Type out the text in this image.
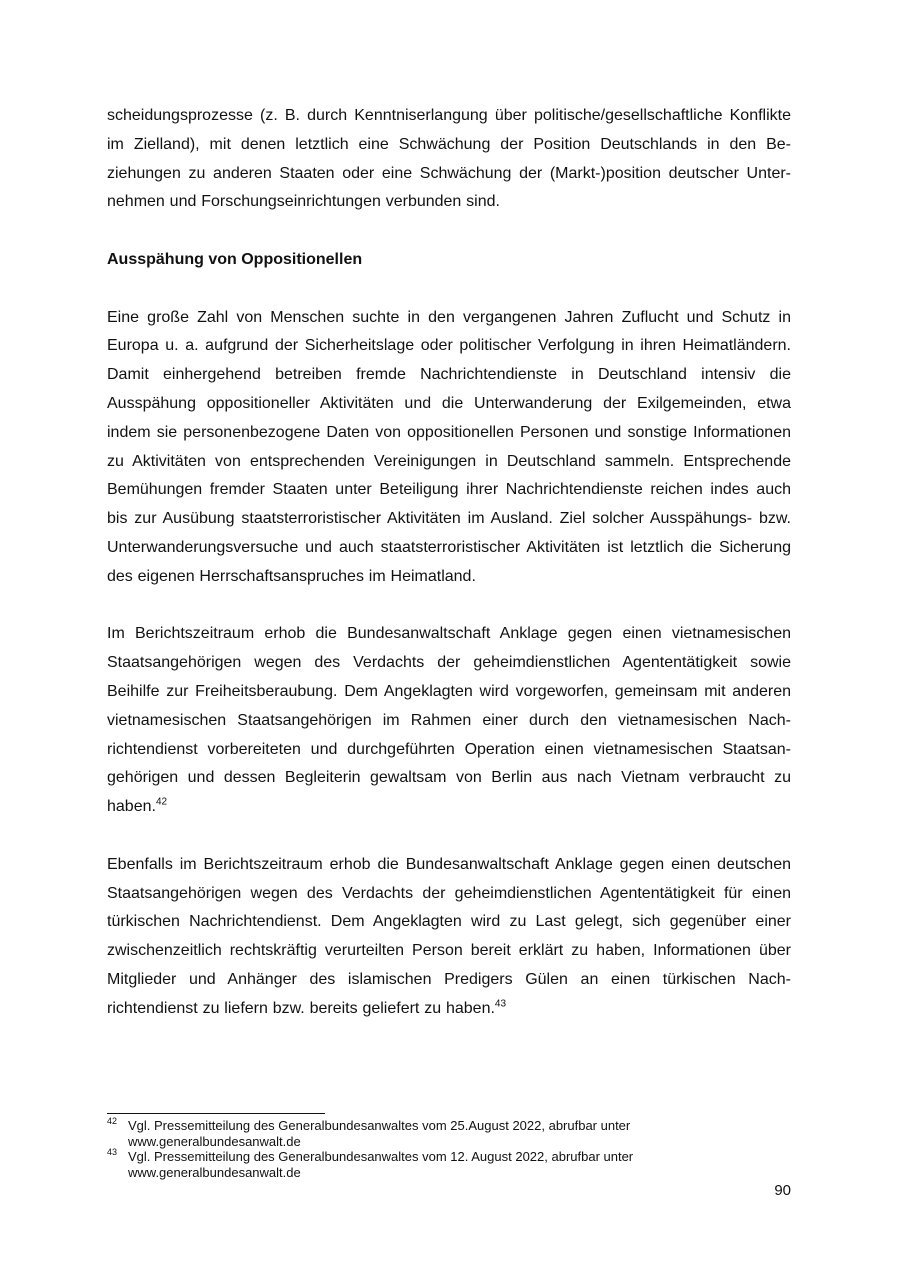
scheidungsprozesse (z. B. durch Kenntniserlangung über politische/gesellschaftliche Konflikte im Zielland), mit denen letztlich eine Schwächung der Position Deutschlands in den Beziehungen zu anderen Staaten oder eine Schwächung der (Markt-)position deutscher Unternehmen und Forschungseinrichtungen verbunden sind.

Ausspähung von Oppositionellen

Eine große Zahl von Menschen suchte in den vergangenen Jahren Zuflucht und Schutz in Europa u. a. aufgrund der Sicherheitslage oder politischer Verfolgung in ihren Heimatländern. Damit einhergehend betreiben fremde Nachrichtendienste in Deutschland intensiv die Ausspähung oppositioneller Aktivitäten und die Unterwanderung der Exilgemeinden, etwa indem sie personenbezogene Daten von oppositionellen Personen und sonstige Informationen zu Aktivitäten von entsprechenden Vereinigungen in Deutschland sammeln. Entsprechende Bemühungen fremder Staaten unter Beteiligung ihrer Nachrichtendienste reichen indes auch bis zur Ausübung staatsterroristischer Aktivitäten im Ausland. Ziel solcher Ausspähungs- bzw. Unterwanderungsversuche und auch staatsterroristischer Aktivitäten ist letztlich die Sicherung des eigenen Herrschaftsanspruches im Heimatland.

Im Berichtszeitraum erhob die Bundesanwaltschaft Anklage gegen einen vietnamesischen Staatsangehörigen wegen des Verdachts der geheimdienstlichen Agententätigkeit sowie Beihilfe zur Freiheitsberaubung. Dem Angeklagten wird vorgeworfen, gemeinsam mit anderen vietnamesischen Staatsangehörigen im Rahmen einer durch den vietnamesischen Nachrichtendienst vorbereiteten und durchgeführten Operation einen vietnamesischen Staatsangehörigen und dessen Begleiterin gewaltsam von Berlin aus nach Vietnam verbraucht zu haben.$^{42}$

Ebenfalls im Berichtszeitraum erhob die Bundesanwaltschaft Anklage gegen einen deutschen Staatsangehörigen wegen des Verdachts der geheimdienstlichen Agententätigkeit für einen türkischen Nachrichtendienst. Dem Angeklagten wird zu Last gelegt, sich gegenüber einer zwischenzeitlich rechtskräftig verurteilten Person bereit erklärt zu haben, Informationen über Mitglieder und Anhänger des islamischen Predigers Gülen an einen türkischen Nachrichtendienst zu liefern bzw. bereits geliefert zu haben.$^{43}$

42 Vgl. Pressemitteilung des Generalbundesanwaltes vom 25.August 2022, abrufbar unter
www.generalbundesanwalt.de
43 Vgl. Pressemitteilung des Generalbundesanwaltes vom 12. August 2022, abrufbar unter
www.generalbundesanwalt.de
90
